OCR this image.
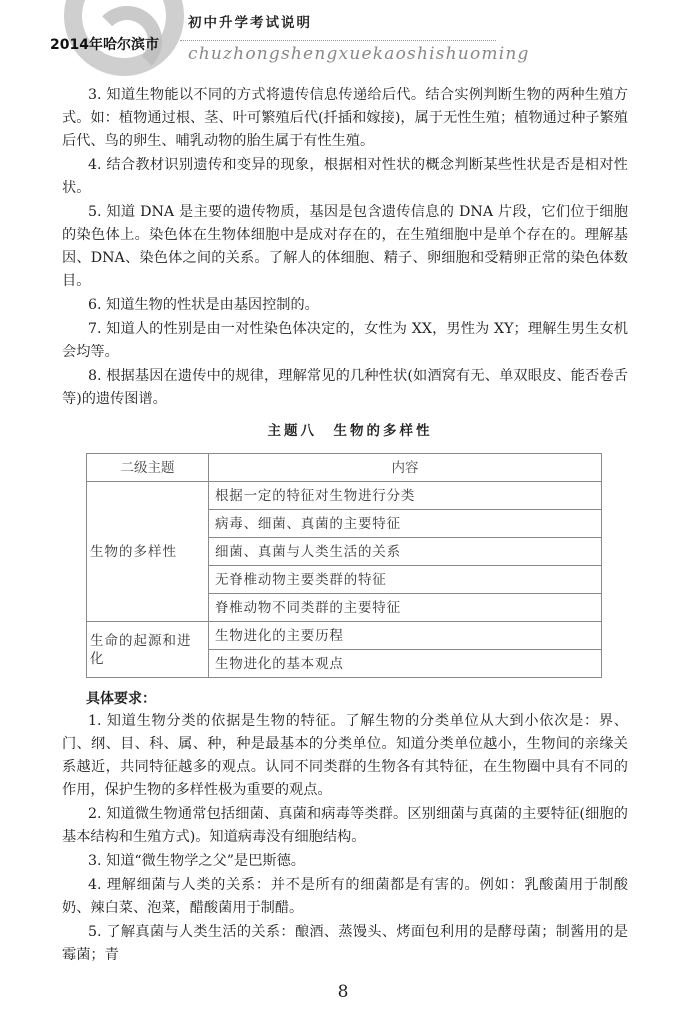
2014年哈尔滨市
初中升学考试说明
chuzhongshengxuekaoshishuoming

3. 知道生物能以不同的方式将遗传信息传递给后代。结合实例判断生物的两种生殖方式。如：植物通过根、茎、叶可繁殖后代(扦插和嫁接)，属于无性生殖；植物通过种子繁殖后代、鸟的卵生、哺乳动物的胎生属于有性生殖。

4. 结合教材识别遗传和变异的现象，根据相对性状的概念判断某些性状是否是相对性状。

5. 知道 DNA 是主要的遗传物质，基因是包含遗传信息的 DNA 片段，它们位于细胞的染色体上。染色体在生物体细胞中是成对存在的，在生殖细胞中是单个存在的。理解基因、DNA、染色体之间的关系。了解人的体细胞、精子、卵细胞和受精卵正常的染色体数目。

6. 知道生物的性状是由基因控制的。

7. 知道人的性别是由一对性染色体决定的，女性为 XX，男性为 XY；理解生男生女机会均等。

8. 根据基因在遗传中的规律，理解常见的几种性状(如酒窝有无、单双眼皮、能否卷舌等)的遗传图谱。

主题八　生物的多样性
二级主题	内容
生物的多样性	根据一定的特征对生物进行分类
	病毒、细菌、真菌的主要特征
	细菌、真菌与人类生活的关系
	无脊椎动物主要类群的特征
	脊椎动物不同类群的主要特征
生命的起源和进化	生物进化的主要历程
	生物进化的基本观点
具体要求：

1. 知道生物分类的依据是生物的特征。了解生物的分类单位从大到小依次是：界、门、纲、目、科、属、种，种是最基本的分类单位。知道分类单位越小，生物间的亲缘关系越近，共同特征越多的观点。认同不同类群的生物各有其特征，在生物圈中具有不同的作用，保护生物的多样性极为重要的观点。

2. 知道微生物通常包括细菌、真菌和病毒等类群。区别细菌与真菌的主要特征(细胞的基本结构和生殖方式)。知道病毒没有细胞结构。

3. 知道“微生物学之父”是巴斯德。

4. 理解细菌与人类的关系：并不是所有的细菌都是有害的。例如：乳酸菌用于制酸奶、辣白菜、泡菜，醋酸菌用于制醋。

5. 了解真菌与人类生活的关系：酿酒、蒸馒头、烤面包利用的是酵母菌；制酱用的是霉菌；青

8
